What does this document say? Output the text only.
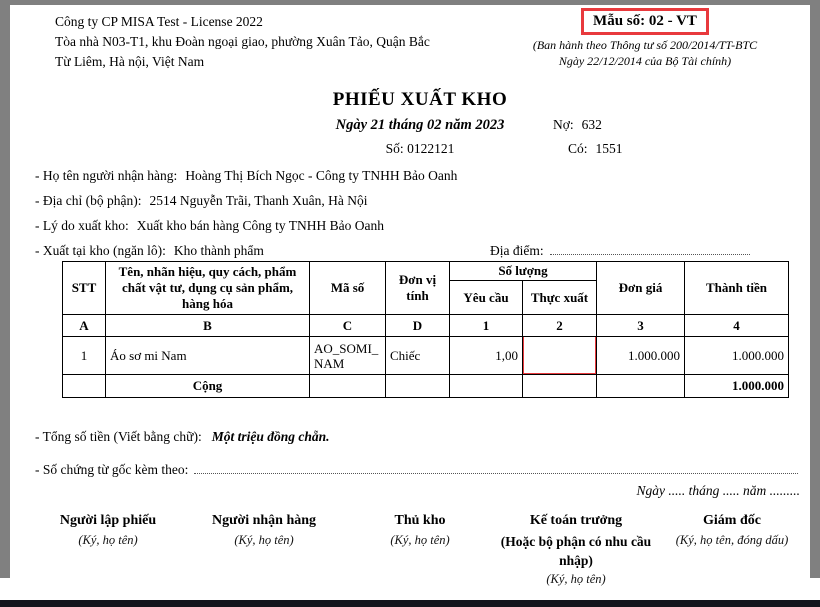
Công ty CP MISA Test - License 2022
Tòa nhà N03-T1, khu Đoàn ngoại giao, phường Xuân Tảo, Quận Bắc
Từ Liêm, Hà nội, Việt Nam
Mẫu số: 02 - VT
(Ban hành theo Thông tư số 200/2014/TT-BTC
Ngày 22/12/2014 của Bộ Tài chính)
PHIẾU XUẤT KHO
Ngày 21 tháng 02 năm 2023	Nợ: 632
Số: 0122121	Có: 1551
- Họ tên người nhận hàng: Hoàng Thị Bích Ngọc - Công ty TNHH Bảo Oanh
- Địa chỉ (bộ phận): 2514 Nguyễn Trãi, Thanh Xuân, Hà Nội
- Lý do xuất kho: Xuất kho bán hàng Công ty TNHH Bảo Oanh
- Xuất tại kho (ngăn lô): Kho thành phẩm	Địa điểm:
STT	Tên, nhãn hiệu, quy cách, phẩm chất vật tư, dụng cụ sản phẩm, hàng hóa	Mã số	Đơn vị tính	Số lượng		Đơn giá	Thành tiền
				Yêu cầu	Thực xuất		
A	B	C	D	1	2	3	4
1	Áo sơ mi Nam	AO_SOMI_NAM	Chiếc	1,00		1.000.000	1.000.000
	Cộng						1.000.000
- Tổng số tiền (Viết bằng chữ): Một triệu đồng chẵn.
- Số chứng từ gốc kèm theo:
Ngày ..... tháng ..... năm .........
Người lập phiếu
(Ký, họ tên)
Người nhận hàng
(Ký, họ tên)
Thủ kho
(Ký, họ tên)
Kế toán trưởng
(Hoặc bộ phận có nhu cầu nhập)
(Ký, họ tên)
Giám đốc
(Ký, họ tên, đóng dấu)
